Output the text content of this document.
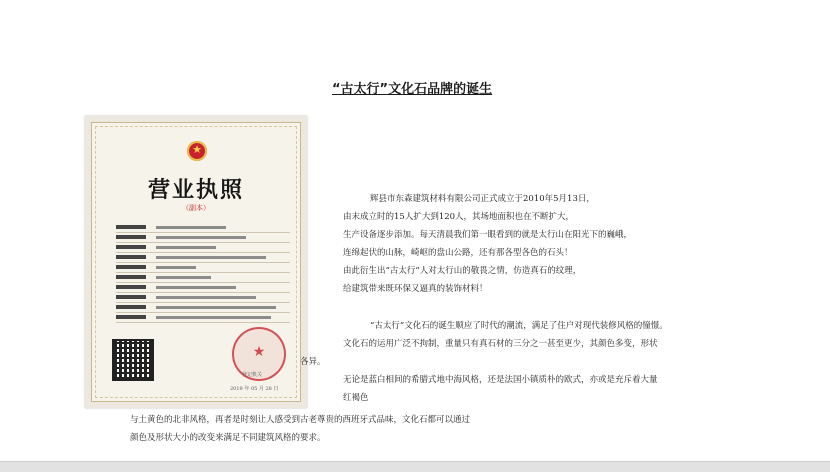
“古太行”文化石品牌的诞生
★
营业执照
（副本）
★
登记机关
2019 年 05 月 28 日
辉县市东森建筑材料有限公司正式成立于2010年5月13日，
由末成立时的15人扩大到120人，其场地面积也在不断扩大，
生产设备逐步添加。每天清晨我们第一眼看到的就是太行山在阳光下的巍峨，
连绵起伏的山脉，崎岖的盘山公路，还有那各型各色的石头！
由此衍生出“古太行”人对太行山的敬畏之情，仿造真石的纹理，
给建筑带来既环保又逼真的装饰材料！
“古太行”文化石的诞生顺应了时代的潮流，满足了住户对现代装修风格的憧憬。
文化石的运用广泛不拘制，重量只有真石材的三分之一甚至更少，其颜色多变，形状
各异。
无论是蓝白相间的希腊式地中海风格，还是法国小镇质朴的欧式，亦或是充斥着大量
红褐色
与土黄色的北非风格，再者是时刻让人感受到古老尊贵的西班牙式品味，文化石都可以通过
颜色及形状大小的改变来满足不同建筑风格的要求。
